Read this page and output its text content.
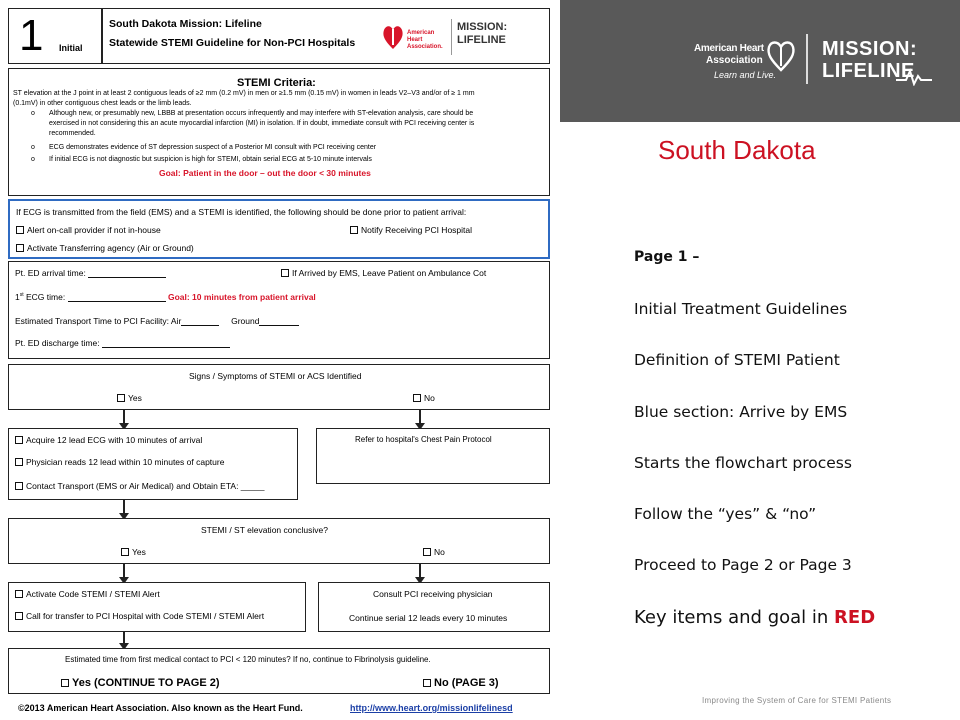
1 Initial
South Dakota Mission: Lifeline
Statewide STEMI Guideline for Non-PCI Hospitals
American Heart Association.
MISSION: LIFELINE
STEMI Criteria:
ST elevation at the J point in at least 2 contiguous leads of ≥2 mm (0.2 mV) in men or ≥1.5 mm (0.15 mV) in women in leads V2–V3 and/or of ≥ 1 mm
(0.1mV) in other contiguous chest leads or the limb leads.
o Although new, or presumably new, LBBB at presentation occurs infrequently and may interfere with ST-elevation analysis, care should be
exercised in not considering this an acute myocardial infarction (MI) in isolation. If in doubt, immediate consult with PCI receiving center is
recommended.
o ECG demonstrates evidence of ST depression suspect of a Posterior MI consult with PCI receiving center
o If initial ECG is not diagnostic but suspicion is high for STEMI, obtain serial ECG at 5-10 minute intervals
Goal: Patient in the door – out the door < 30 minutes
If ECG is transmitted from the field (EMS) and a STEMI is identified, the following should be done prior to patient arrival:
Alert on-call provider if not in-house	Notify Receiving PCI Hospital
Activate Transferring agency (Air or Ground)
Pt. ED arrival time:	If Arrived by EMS, Leave Patient on Ambulance Cot
1st ECG time:	Goal: 10 minutes from patient arrival
Estimated Transport Time to PCI Facility: Air	Ground
Pt. ED discharge time:
Signs / Symptoms of STEMI or ACS Identified
Yes	No
Acquire 12 lead ECG with 10 minutes of arrival
Physician reads 12 lead within 10 minutes of capture
Contact Transport (EMS or Air Medical) and Obtain ETA: _____
Refer to hospital's Chest Pain Protocol
STEMI / ST elevation conclusive?
Yes	No
Activate Code STEMI / STEMI Alert
Call for transfer to PCI Hospital with Code STEMI / STEMI Alert
Consult PCI receiving physician
Continue serial 12 leads every 10 minutes
Estimated time from first medical contact to PCI < 120 minutes? If no, continue to Fibrinolysis guideline.
Yes (CONTINUE TO PAGE 2)	No (PAGE 3)
©2013 American Heart Association. Also known as the Heart Fund.	http://www.heart.org/missionlifelinesd
American Heart
Association
Learn and Live.
MISSION:
LIFELINE
South Dakota
Page 1 –
Initial Treatment Guidelines
Definition of STEMI Patient
Blue section: Arrive by EMS
Starts the flowchart process
Follow the “yes” & “no”
Proceed to Page 2 or Page 3
Key items and goal in RED
Improving the System of Care for STEMI Patients
